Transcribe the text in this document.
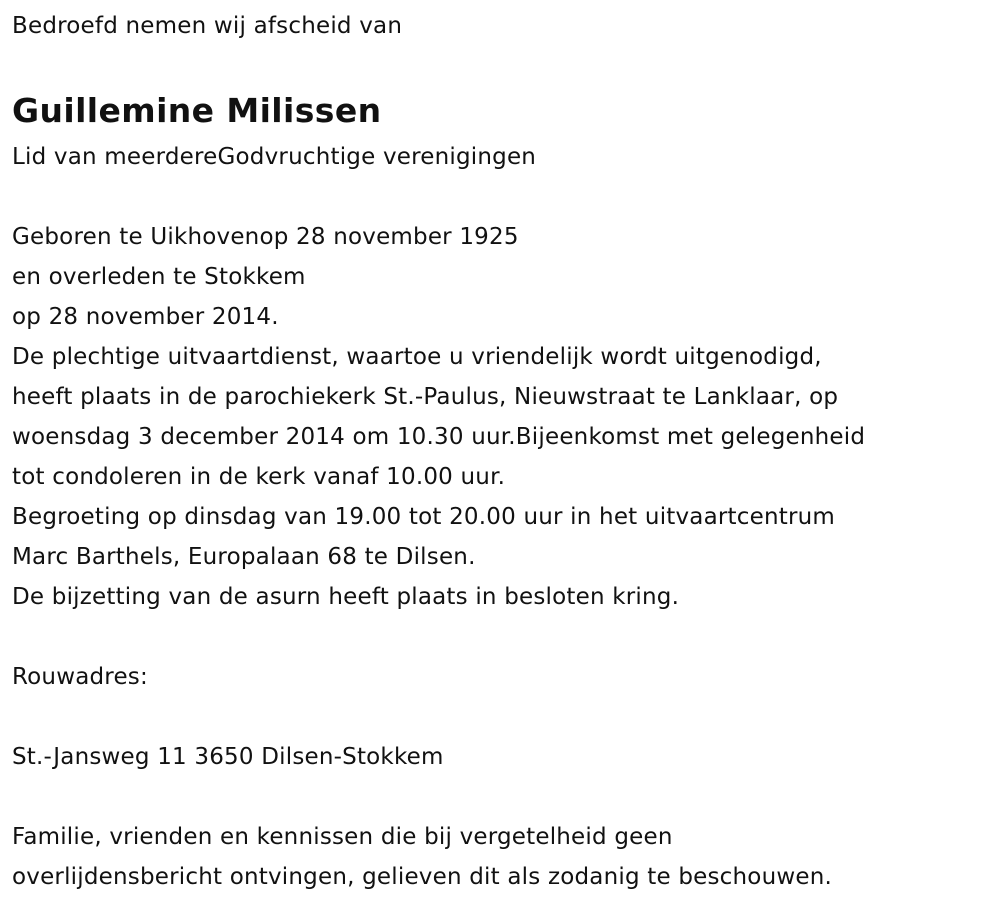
Bedroefd nemen wij afscheid van
Guillemine Milissen
Lid van meerdereGodvruchtige verenigingen
Geboren te Uikhovenop 28 november 1925
en overleden te Stokkem
op 28 november 2014.
De plechtige uitvaartdienst, waartoe u vriendelijk wordt uitgenodigd,
heeft plaats in de parochiekerk St.-Paulus, Nieuwstraat te Lanklaar, op
woensdag 3 december 2014 om 10.30 uur.Bijeenkomst met gelegenheid
tot condoleren in de kerk vanaf 10.00 uur.
Begroeting op dinsdag van 19.00 tot 20.00 uur in het uitvaartcentrum
Marc Barthels, Europalaan 68 te Dilsen.
De bijzetting van de asurn heeft plaats in besloten kring.
Rouwadres:
St.-Jansweg 11 3650 Dilsen-Stokkem
Familie, vrienden en kennissen die bij vergetelheid geen
overlijdensbericht ontvingen, gelieven dit als zodanig te beschouwen.
